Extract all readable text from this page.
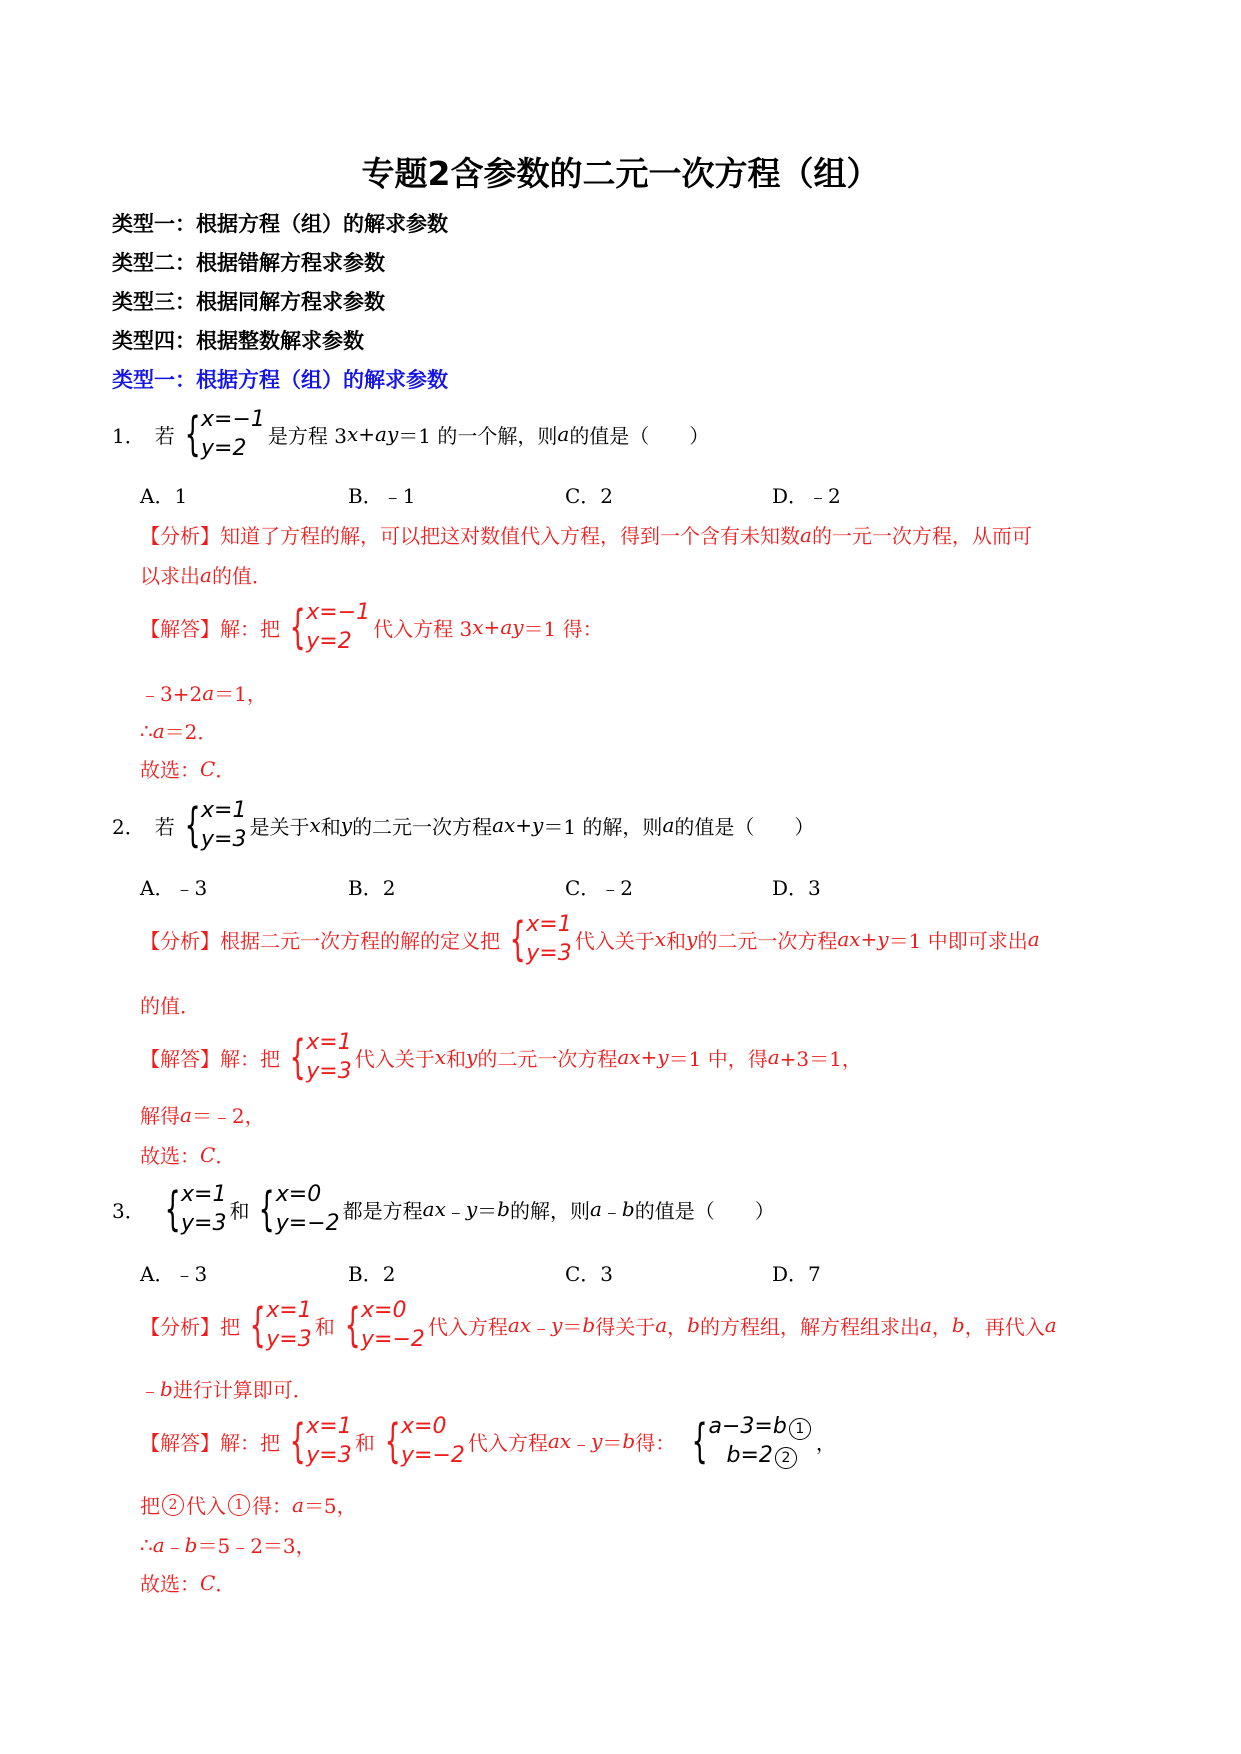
专题2含参数的二元一次方程（组）
类型一：根据方程（组）的解求参数
类型二：根据错解方程求参数
类型三：根据同解方程求参数
类型四：根据整数解求参数
类型一：根据方程（组）的解求参数
1． 若 { x=−1
y=2
是方程 3 x + ay ＝1 的一个解，则 a 的值是（　　）
A．1	B．﹣1	C．2	D．﹣2
【分析】 知道了方程的解，可以把这对数值代入方程，得到一个含有未知数 a 的一元一次方程，从而可
以求出 a 的值．
【解答】 解：把 { x=−1
y=2
代入方程 3 x + ay ＝1 得：
﹣3+2 a ＝1，
∴ a ＝2．
故选： C ．
2． 若 { x=1
y=3
是关于 x 和 y 的二元一次方程 ax + y ＝1 的解，则 a 的值是（　　）
A．﹣3	B．2	C．﹣2	D．3
【分析】 根据二元一次方程的解的定义把 { x=1
y=3
代入关于 x 和 y 的二元一次方程 ax + y ＝1 中即可求出 a
的值．
【解答】 解：把 { x=1
y=3
代入关于 x 和 y 的二元一次方程 ax + y ＝1 中，得 a +3＝1，
解得 a ＝﹣2，
故选： C ．
3． { x=1
y=3
和 { x=0
y=−2
都是方程 ax ﹣ y ＝ b 的解，则 a ﹣ b 的值是（　　）
A．﹣3	B．2	C．3	D．7
【分析】 把 { x=1
y=3
和 { x=0
y=−2
代入方程 ax ﹣ y ＝ b 得关于 a ， b 的方程组，解方程组求出 a ， b ，再代入 a
﹣ b 进行计算即可．
【解答】 解：把 { x=1
y=3
和 { x=0
y=−2
代入方程 ax ﹣ y ＝ b 得： { a−3=b 1
b=2 2
，
把 2 代入 1 得： a ＝5，
∴ a ﹣ b ＝5﹣2＝3，
故选： C ．
